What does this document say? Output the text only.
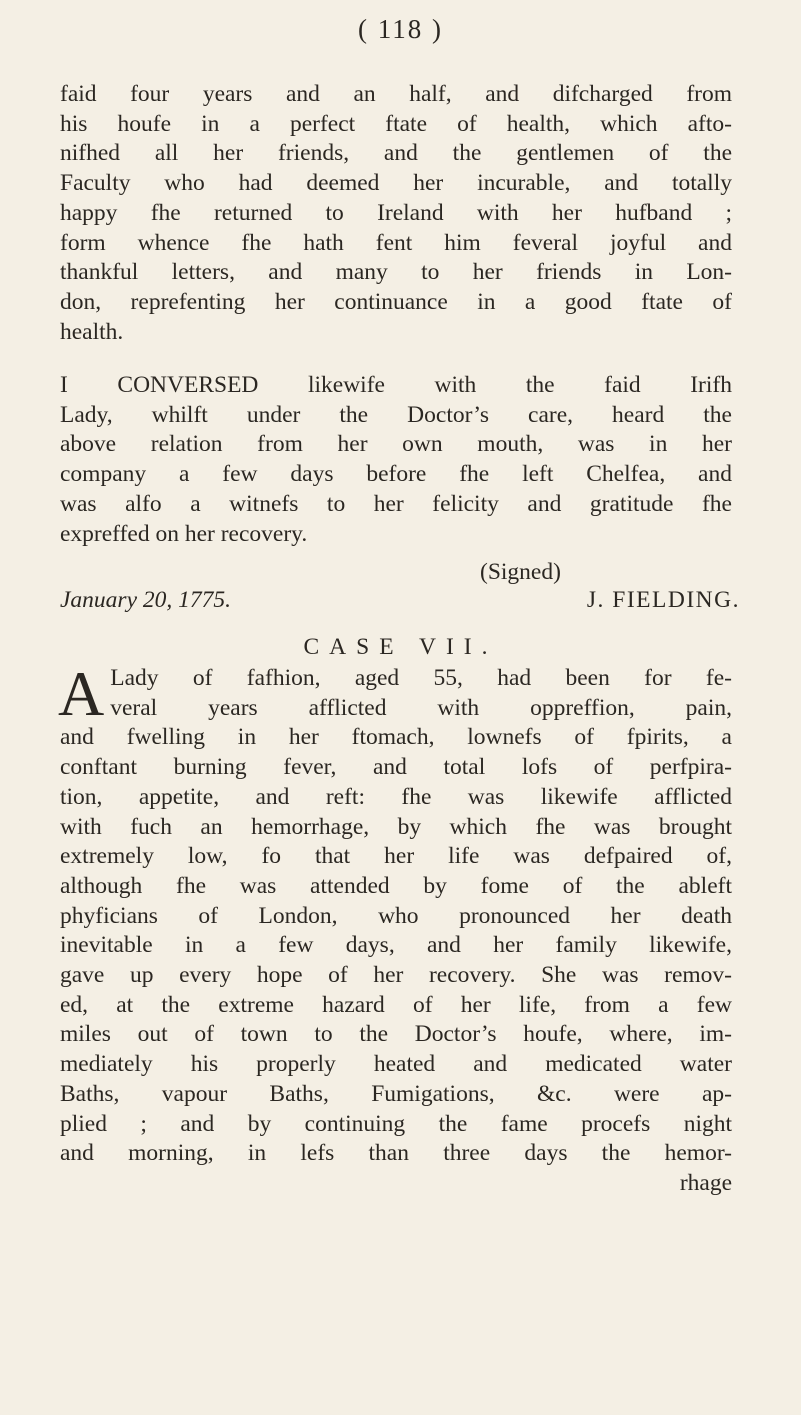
( 118 )
faid four years and an half, and difcharged from
his houfe in a perfect ftate of health, which afto-
nifhed all her friends, and the gentlemen of the
Faculty who had deemed her incurable, and totally
happy fhe returned to Ireland with her hufband ;
form whence fhe hath fent him feveral joyful and
thankful letters, and many to her friends in Lon-
don, reprefenting her continuance in a good ftate of
health.
I CONVERSED likewife with the faid Irifh
Lady, whilft under the Doctor’s care, heard the
above relation from her own mouth, was in her
company a few days before fhe left Chelfea, and
was alfo a witnefs to her felicity and gratitude fhe
expreffed on her recovery.
(Signed)
January 20, 1775.	J. FIELDING.
CASE VII.
A Lady of fafhion, aged 55, had been for fe-
veral years afflicted with oppreffion, pain,
and fwelling in her ftomach, lownefs of fpirits, a
conftant burning fever, and total lofs of perfpira-
tion, appetite, and reft: fhe was likewife afflicted
with fuch an hemorrhage, by which fhe was brought
extremely low, fo that her life was defpaired of,
although fhe was attended by fome of the ableft
phyficians of London, who pronounced her death
inevitable in a few days, and her family likewife,
gave up every hope of her recovery. She was remov-
ed, at the extreme hazard of her life, from a few
miles out of town to the Doctor’s houfe, where, im-
mediately his properly heated and medicated water
Baths, vapour Baths, Fumigations, &c. were ap-
plied ; and by continuing the fame procefs night
and morning, in lefs than three days the hemor-
rhage
